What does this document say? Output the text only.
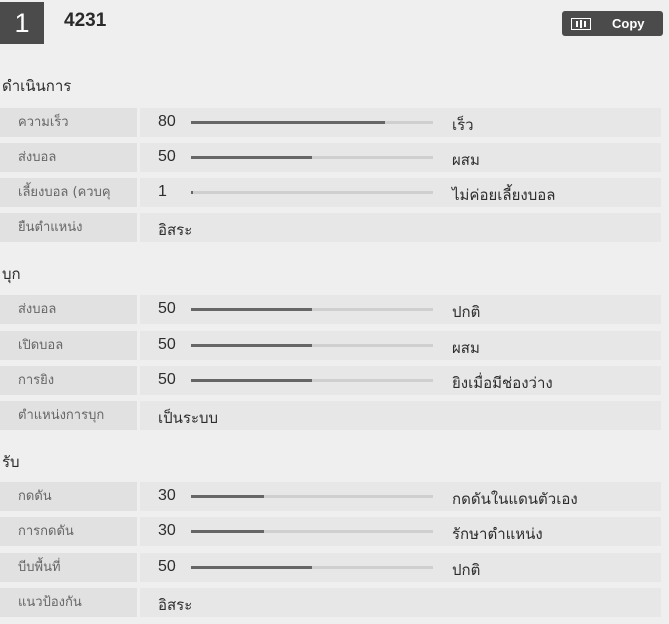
1	4231	Copy
ดำเนินการ
ความเร็ว	80	เร็ว
ส่งบอล	50	ผสม
เลี้ยงบอล (ควบคุ	1	ไม่ค่อยเลี้ยงบอล
ยืนตำแหน่ง	อิสระ
บุก
ส่งบอล	50	ปกติ
เปิดบอล	50	ผสม
การยิง	50	ยิงเมื่อมีช่องว่าง
ตำแหน่งการบุก	เป็นระบบ
รับ
กดดัน	30	กดดันในแดนตัวเอง
การกดดัน	30	รักษาตำแหน่ง
บีบพื้นที่	50	ปกติ
แนวป้องกัน	อิสระ
